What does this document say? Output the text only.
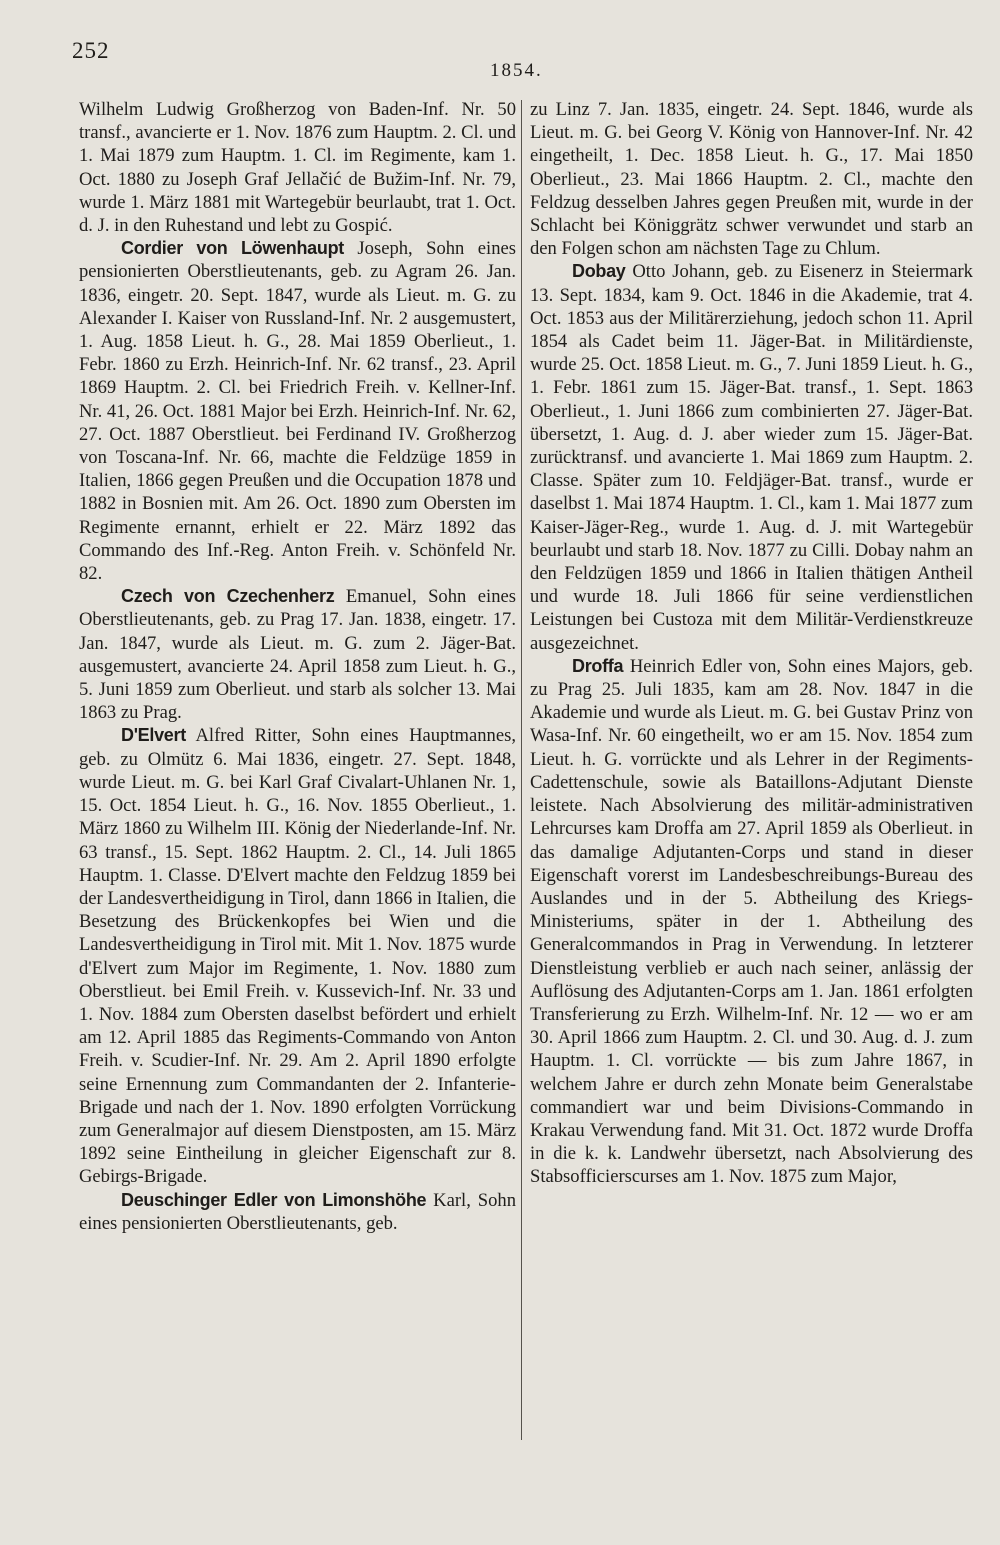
252
1854.

Wilhelm Ludwig Großherzog von Baden-Inf. Nr. 50 transf., avancierte er 1. Nov. 1876 zum Hauptm. 2. Cl. und 1. Mai 1879 zum Hauptm. 1. Cl. im Regimente, kam 1. Oct. 1880 zu Joseph Graf Jellačić de Bužim-Inf. Nr. 79, wurde 1. März 1881 mit Wartegebür beurlaubt, trat 1. Oct. d. J. in den Ruhestand und lebt zu Gospić.

Cordier von Löwenhaupt Joseph, Sohn eines pensionierten Oberstlieutenants, geb. zu Agram 26. Jan. 1836, eingetr. 20. Sept. 1847, wurde als Lieut. m. G. zu Alexander I. Kaiser von Russland-Inf. Nr. 2 ausgemustert, 1. Aug. 1858 Lieut. h. G., 28. Mai 1859 Oberlieut., 1. Febr. 1860 zu Erzh. Heinrich-Inf. Nr. 62 transf., 23. April 1869 Hauptm. 2. Cl. bei Friedrich Freih. v. Kellner-Inf. Nr. 41, 26. Oct. 1881 Major bei Erzh. Heinrich-Inf. Nr. 62, 27. Oct. 1887 Oberstlieut. bei Ferdinand IV. Großherzog von Toscana-Inf. Nr. 66, machte die Feldzüge 1859 in Italien, 1866 gegen Preußen und die Occupation 1878 und 1882 in Bosnien mit. Am 26. Oct. 1890 zum Obersten im Regimente ernannt, erhielt er 22. März 1892 das Commando des Inf.-Reg. Anton Freih. v. Schönfeld Nr. 82.

Czech von Czechenherz Emanuel, Sohn eines Oberstlieutenants, geb. zu Prag 17. Jan. 1838, eingetr. 17. Jan. 1847, wurde als Lieut. m. G. zum 2. Jäger-Bat. ausgemustert, avancierte 24. April 1858 zum Lieut. h. G., 5. Juni 1859 zum Oberlieut. und starb als solcher 13. Mai 1863 zu Prag.

D'Elvert Alfred Ritter, Sohn eines Hauptmannes, geb. zu Olmütz 6. Mai 1836, eingetr. 27. Sept. 1848, wurde Lieut. m. G. bei Karl Graf Civalart-Uhlanen Nr. 1, 15. Oct. 1854 Lieut. h. G., 16. Nov. 1855 Oberlieut., 1. März 1860 zu Wilhelm III. König der Niederlande-Inf. Nr. 63 transf., 15. Sept. 1862 Hauptm. 2. Cl., 14. Juli 1865 Hauptm. 1. Classe. D'Elvert machte den Feldzug 1859 bei der Landesvertheidigung in Tirol, dann 1866 in Italien, die Besetzung des Brückenkopfes bei Wien und die Landesvertheidigung in Tirol mit. Mit 1. Nov. 1875 wurde d'Elvert zum Major im Regimente, 1. Nov. 1880 zum Oberstlieut. bei Emil Freih. v. Kussevich-Inf. Nr. 33 und 1. Nov. 1884 zum Obersten daselbst befördert und erhielt am 12. April 1885 das Regiments-Commando von Anton Freih. v. Scudier-Inf. Nr. 29. Am 2. April 1890 erfolgte seine Ernennung zum Commandanten der 2. Infanterie-Brigade und nach der 1. Nov. 1890 erfolgten Vorrückung zum Generalmajor auf diesem Dienstposten, am 15. März 1892 seine Eintheilung in gleicher Eigenschaft zur 8. Gebirgs-Brigade.

Deuschinger Edler von Limonshöhe Karl, Sohn eines pensionierten Oberstlieutenants, geb.

zu Linz 7. Jan. 1835, eingetr. 24. Sept. 1846, wurde als Lieut. m. G. bei Georg V. König von Hannover-Inf. Nr. 42 eingetheilt, 1. Dec. 1858 Lieut. h. G., 17. Mai 1850 Oberlieut., 23. Mai 1866 Hauptm. 2. Cl., machte den Feldzug desselben Jahres gegen Preußen mit, wurde in der Schlacht bei Königgrätz schwer verwundet und starb an den Folgen schon am nächsten Tage zu Chlum.

Dobay Otto Johann, geb. zu Eisenerz in Steiermark 13. Sept. 1834, kam 9. Oct. 1846 in die Akademie, trat 4. Oct. 1853 aus der Militärerziehung, jedoch schon 11. April 1854 als Cadet beim 11. Jäger-Bat. in Militärdienste, wurde 25. Oct. 1858 Lieut. m. G., 7. Juni 1859 Lieut. h. G., 1. Febr. 1861 zum 15. Jäger-Bat. transf., 1. Sept. 1863 Oberlieut., 1. Juni 1866 zum combinierten 27. Jäger-Bat. übersetzt, 1. Aug. d. J. aber wieder zum 15. Jäger-Bat. zurücktransf. und avancierte 1. Mai 1869 zum Hauptm. 2. Classe. Später zum 10. Feldjäger-Bat. transf., wurde er daselbst 1. Mai 1874 Hauptm. 1. Cl., kam 1. Mai 1877 zum Kaiser-Jäger-Reg., wurde 1. Aug. d. J. mit Wartegebür beurlaubt und starb 18. Nov. 1877 zu Cilli. Dobay nahm an den Feldzügen 1859 und 1866 in Italien thätigen Antheil und wurde 18. Juli 1866 für seine verdienstlichen Leistungen bei Custoza mit dem Militär-Verdienstkreuze ausgezeichnet.

Droffa Heinrich Edler von, Sohn eines Majors, geb. zu Prag 25. Juli 1835, kam am 28. Nov. 1847 in die Akademie und wurde als Lieut. m. G. bei Gustav Prinz von Wasa-Inf. Nr. 60 eingetheilt, wo er am 15. Nov. 1854 zum Lieut. h. G. vorrückte und als Lehrer in der Regiments-Cadettenschule, sowie als Bataillons-Adjutant Dienste leistete. Nach Absolvierung des militär-administrativen Lehrcurses kam Droffa am 27. April 1859 als Oberlieut. in das damalige Adjutanten-Corps und stand in dieser Eigenschaft vorerst im Landesbeschreibungs-Bureau des Auslandes und in der 5. Abtheilung des Kriegs-Ministeriums, später in der 1. Abtheilung des Generalcommandos in Prag in Verwendung. In letzterer Dienstleistung verblieb er auch nach seiner, anlässig der Auflösung des Adjutanten-Corps am 1. Jan. 1861 erfolgten Transferierung zu Erzh. Wilhelm-Inf. Nr. 12 — wo er am 30. April 1866 zum Hauptm. 2. Cl. und 30. Aug. d. J. zum Hauptm. 1. Cl. vorrückte — bis zum Jahre 1867, in welchem Jahre er durch zehn Monate beim Generalstabe commandiert war und beim Divisions-Commando in Krakau Verwendung fand. Mit 31. Oct. 1872 wurde Droffa in die k. k. Landwehr übersetzt, nach Absolvierung des Stabsofficierscurses am 1. Nov. 1875 zum Major,
